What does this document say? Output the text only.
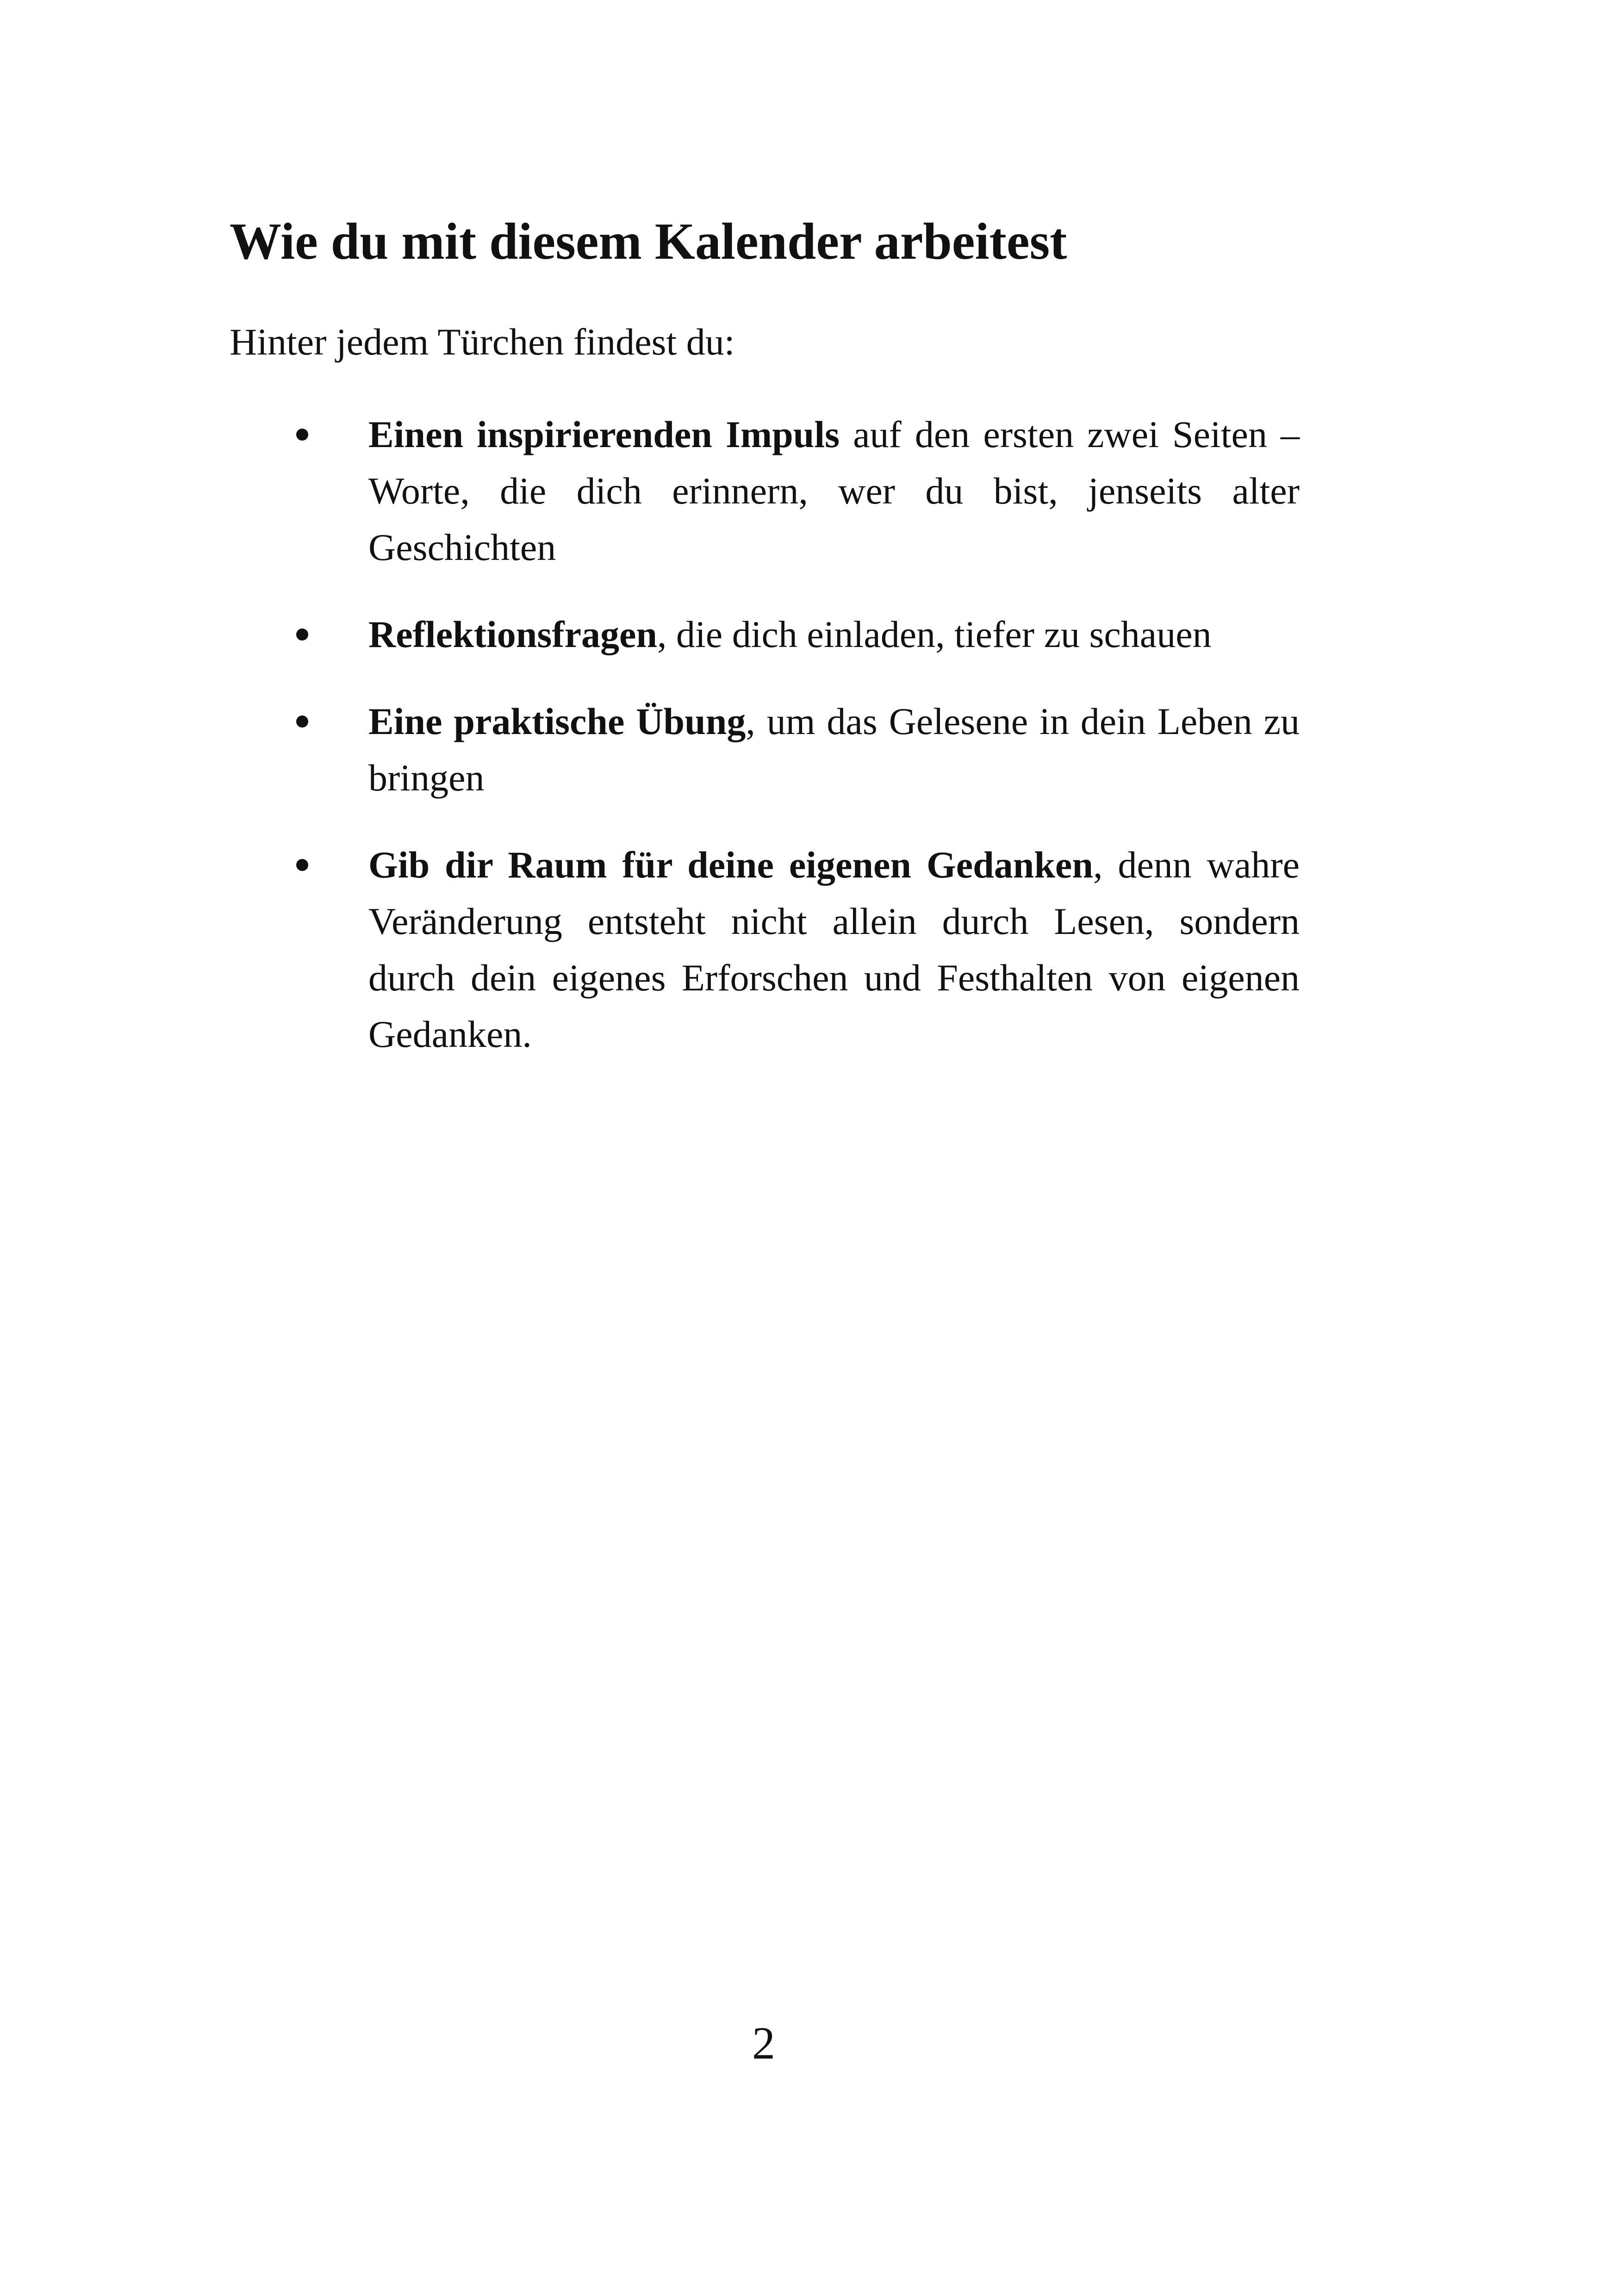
Wie du mit diesem Kalender arbeitest

Hinter jedem Türchen findest du:

Einen inspirierenden Impuls auf den ersten zwei Seiten – Worte, die dich erinnern, wer du bist, jenseits alter Geschichten
Reflektionsfragen, die dich einladen, tiefer zu schauen
Eine praktische Übung, um das Gelesene in dein Leben zu bringen
Gib dir Raum für deine eigenen Gedanken, denn wahre Veränderung entsteht nicht allein durch Lesen, sondern durch dein eigenes Erforschen und Festhalten von eigenen Gedanken.
2
